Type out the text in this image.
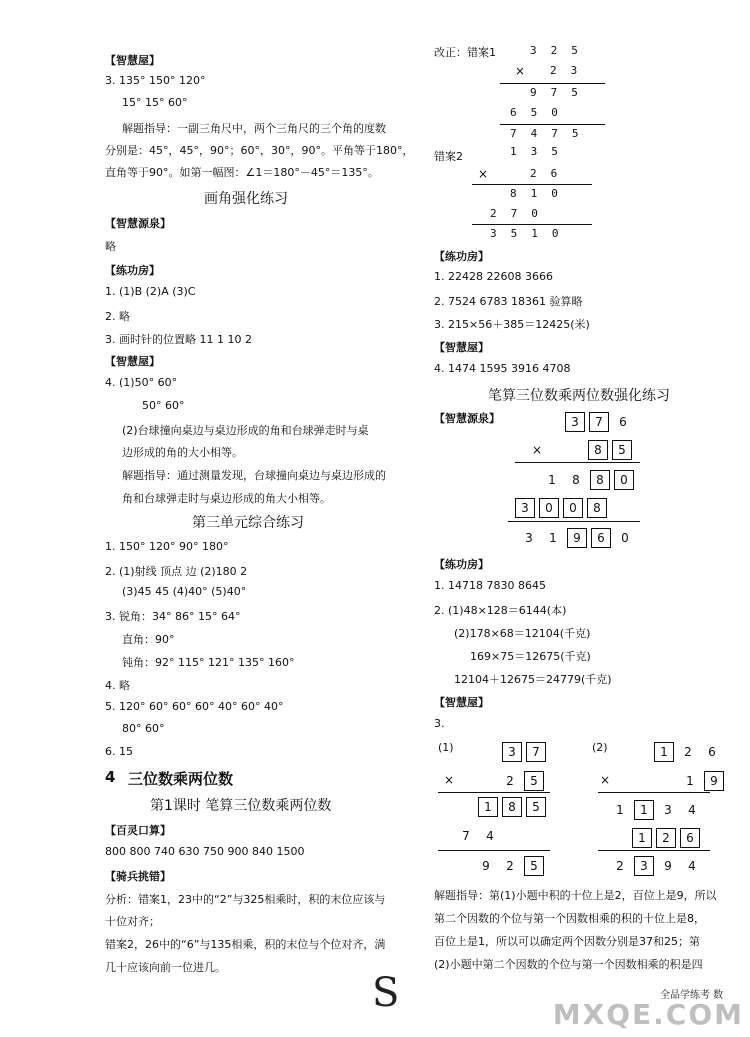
【智慧屋】
3. 135° 150° 120°
15° 15° 60°
解题指导：一副三角尺中，两个三角尺的三个角的度数
分别是：45°，45°，90°；60°，30°，90°。平角等于180°，
直角等于90°。如第一幅图：∠1＝180°－45°＝135°。
画角强化练习
【智慧源泉】
略
【练功房】
1. (1)B (2)A (3)C
2. 略
3. 画时针的位置略 11 1 10 2
【智慧屋】
4. (1)50° 60°
50° 60°
(2)台球撞向桌边与桌边形成的角和台球弹走时与桌
边形成的角的大小相等。
解题指导：通过测量发现，台球撞向桌边与桌边形成的
角和台球弹走时与桌边形成的角大小相等。
第三单元综合练习
1. 150° 120° 90° 180°
2. (1)射线 顶点 边 (2)180 2
(3)45 45 (4)40° (5)40°
3. 锐角：34° 86° 15° 64°
直角：90°
钝角：92° 115° 121° 135° 160°
4. 略
5. 120° 60° 60° 60° 40° 60° 40°
80° 60°
6. 15
4 三位数乘两位数
第1课时 笔算三位数乘两位数
【百灵口算】
800 800 740 630 750 900 840 1500
【骑兵挑错】
分析：错案1，23中的“2”与325相乘时，积的末位应该与
十位对齐；
错案2，26中的“6”与135相乘，积的末位与个位对齐，满
几十应该向前一位进几。
S
改正：错案1	325
× 23
975
650
7475
错案2	135
×	26
810
270
3510
【练功房】
1. 22428 22608 3666
2. 7524 6783 18361 验算略
3. 215×56＋385＝12425(米)
【智慧屋】
4. 1474 1595 3916 4708
笔算三位数乘两位数强化练习
【智慧源泉】	3 7 6
×	8 5
1 8 8 0
3 0 0 8
3 1 9 6 0
【练功房】
1. 14718 7830 8645
2. (1)48×128＝6144(本)
(2)178×68＝12104(千克)
169×75＝12675(千克)
12104＋12675＝24779(千克)
【智慧屋】
3.
(1)	3 7
×	2 5
1 8 5
7 4
9 2 5
(2)	1 2 6
×	1 9
1 1 3 4
1 2 6
2 3 9 4
解题指导：第(1)小题中积的十位上是2，百位上是9，所以
第二个因数的个位与第一个因数相乘的积的十位上是8，
百位上是1，所以可以确定两个因数分别是37和25；第
(2)小题中第二个因数的个位与第一个因数相乘的积是四
全品学练考 数
MXQE.COM
